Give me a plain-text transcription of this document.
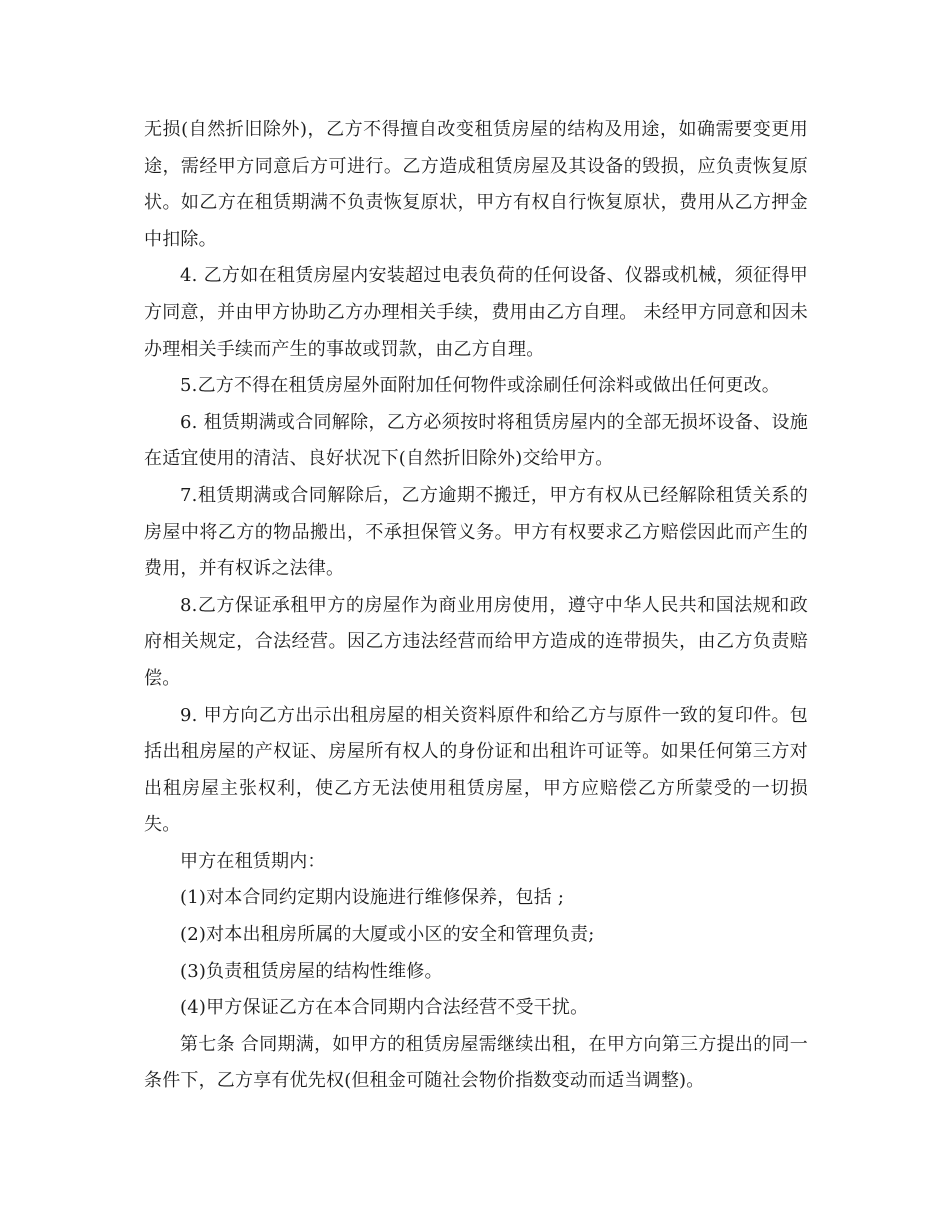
无损(自然折旧除外)，乙方不得擅自改变租赁房屋的结构及用途，如确需要变更用途，需经甲方同意后方可进行。乙方造成租赁房屋及其设备的毁损，应负责恢复原状。如乙方在租赁期满不负责恢复原状，甲方有权自行恢复原状，费用从乙方押金中扣除。

4. 乙方如在租赁房屋内安装超过电表负荷的任何设备、仪器或机械，须征得甲方同意，并由甲方协助乙方办理相关手续，费用由乙方自理。 未经甲方同意和因未办理相关手续而产生的事故或罚款，由乙方自理。

5.乙方不得在租赁房屋外面附加任何物件或涂刷任何涂料或做出任何更改。

6. 租赁期满或合同解除，乙方必须按时将租赁房屋内的全部无损坏设备、设施在适宜使用的清洁、良好状况下(自然折旧除外)交给甲方。

7.租赁期满或合同解除后，乙方逾期不搬迁，甲方有权从已经解除租赁关系的房屋中将乙方的物品搬出，不承担保管义务。甲方有权要求乙方赔偿因此而产生的费用，并有权诉之法律。

8.乙方保证承租甲方的房屋作为商业用房使用，遵守中华人民共和国法规和政府相关规定，合法经营。因乙方违法经营而给甲方造成的连带损失，由乙方负责赔偿。

9. 甲方向乙方出示出租房屋的相关资料原件和给乙方与原件一致的复印件。包括出租房屋的产权证、房屋所有权人的身份证和出租许可证等。如果任何第三方对出租房屋主张权利，使乙方无法使用租赁房屋，甲方应赔偿乙方所蒙受的一切损失。

甲方在租赁期内：

(1)对本合同约定期内设施进行维修保养，包括 ;

(2)对本出租房所属的大厦或小区的安全和管理负责;

(3)负责租赁房屋的结构性维修。

(4)甲方保证乙方在本合同期内合法经营不受干扰。

第七条 合同期满，如甲方的租赁房屋需继续出租，在甲方向第三方提出的同一条件下，乙方享有优先权(但租金可随社会物价指数变动而适当调整)。
